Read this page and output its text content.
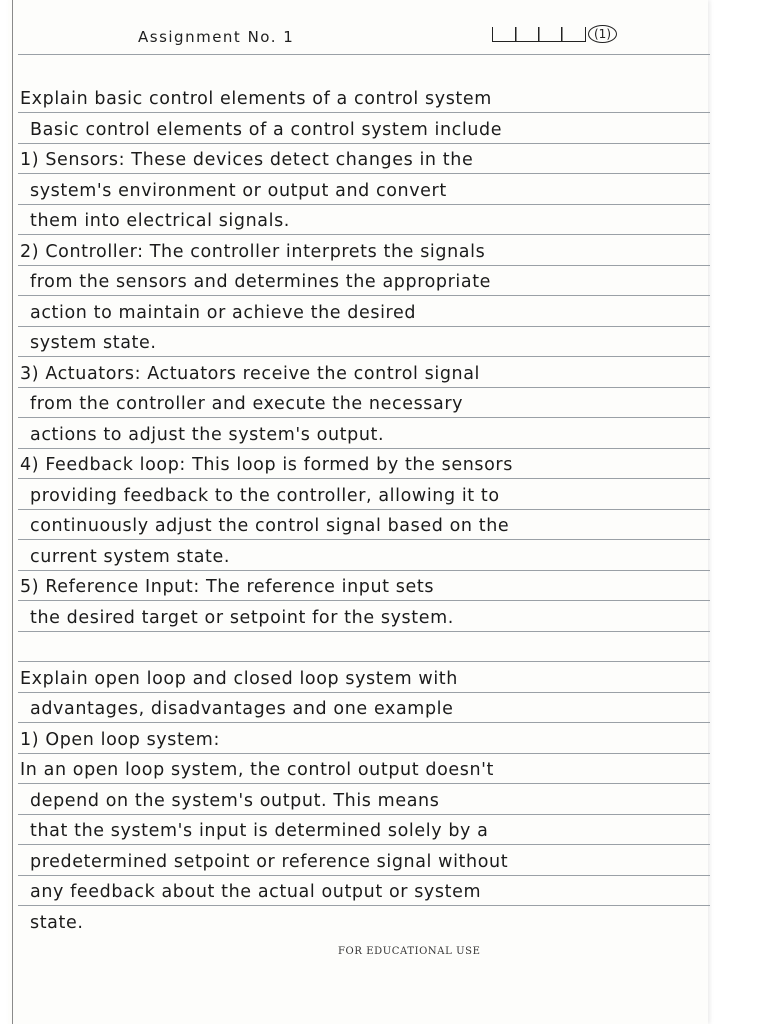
Assignment No. 1	(1)
Explain basic control elements of a control system
Basic control elements of a control system include
1) Sensors: These devices detect changes in the
system's environment or output and convert
them into electrical signals.
2) Controller: The controller interprets the signals
from the sensors and determines the appropriate
action to maintain or achieve the desired
system state.
3) Actuators: Actuators receive the control signal
from the controller and execute the necessary
actions to adjust the system's output.
4) Feedback loop: This loop is formed by the sensors
providing feedback to the controller, allowing it to
continuously adjust the control signal based on the
current system state.
5) Reference Input: The reference input sets
the desired target or setpoint for the system.
Explain open loop and closed loop system with
advantages, disadvantages and one example
1) Open loop system:
In an open loop system, the control output doesn't
depend on the system's output. This means
that the system's input is determined solely by a
predetermined setpoint or reference signal without
any feedback about the actual output or system
state.
FOR EDUCATIONAL USE
